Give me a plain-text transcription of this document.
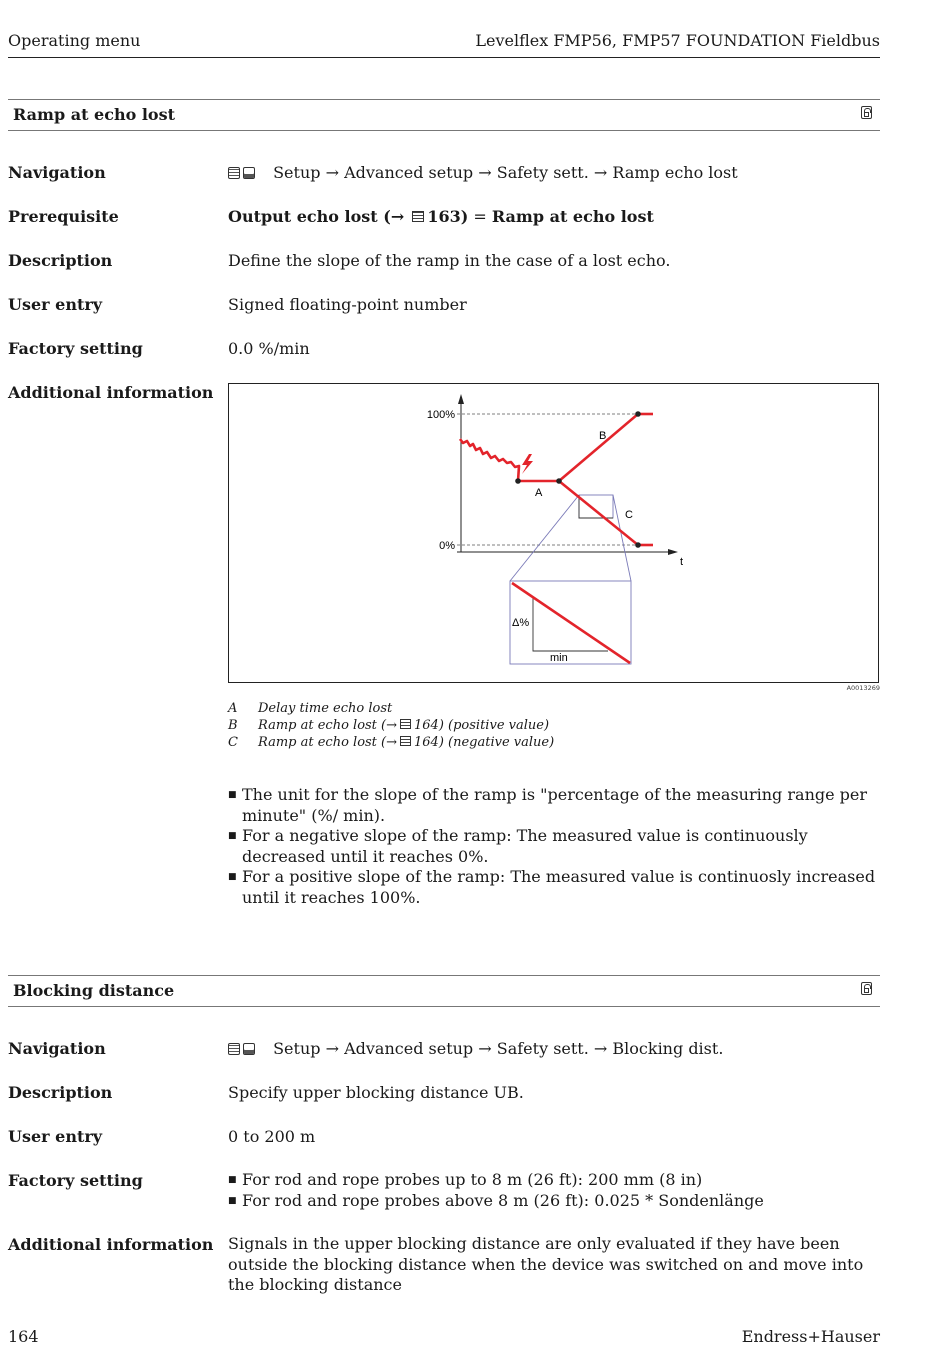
Operating menu	Levelflex FMP56, FMP57 FOUNDATION Fieldbus
Ramp at echo lost
Navigation	Setup → Advanced setup → Safety sett. → Ramp echo lost
Prerequisite	Output echo lost (→ 163) = Ramp at echo lost
Description	Define the slope of the ramp in the case of a lost echo.
User entry	Signed floating-point number
Factory setting	0.0 %/min
Additional information
100%
0%
t
Δ%
min
A
B
C
A0013269
A Delay time echo lost
B Ramp at echo lost (→ 164) (positive value)
C Ramp at echo lost (→ 164) (negative value)
■ The unit for the slope of the ramp is "percentage of the measuring range per minute" (%/ min).
■ For a negative slope of the ramp: The measured value is continuously decreased until it reaches 0%.
■ For a positive slope of the ramp: The measured value is continuosly increased until it reaches 100%.
Blocking distance
Navigation	Setup → Advanced setup → Safety sett. → Blocking dist.
Description	Specify upper blocking distance UB.
User entry	0 to 200 m
Factory setting
■	For rod and rope probes up to 8 m (26 ft): 200 mm (8 in)
■ For rod and rope probes above 8 m (26 ft): 0.025 * Sondenlänge
Additional information Signals in the upper blocking distance are only evaluated if they have been outside the blocking distance when the device was switched on and move into the blocking distance
164	Endress+Hauser
